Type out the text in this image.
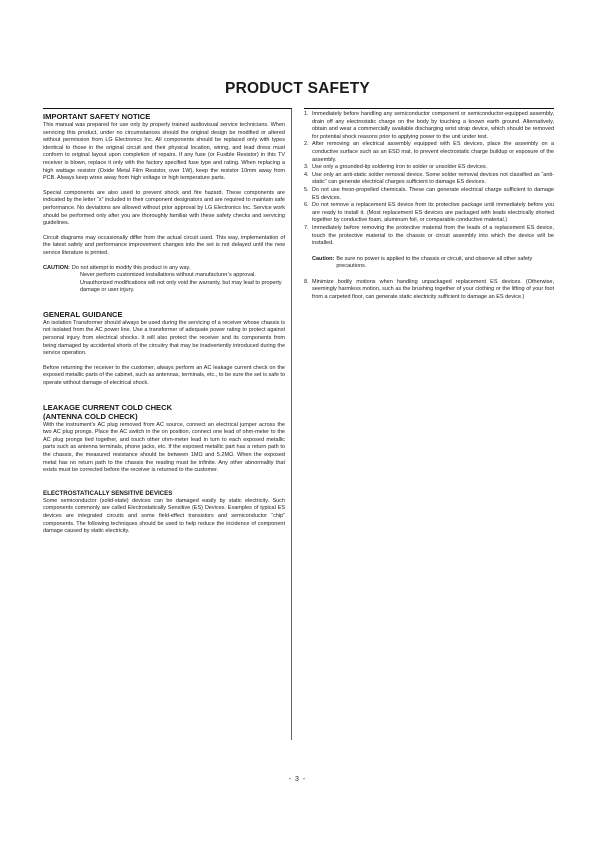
PRODUCT SAFETY
IMPORTANT SAFETY NOTICE

This manual was prepared for use only by properly trained audiovisual service technicians. When servicing this product, under no circumstances should the original design be modified or altered without permission from LG Electronics Inc. All components should be replaced only with types identical to those in the original circuit and their physical location, wiring, and lead dress must conform to original layout upon completion of repairs. If any fuse (or Fusible Resistor) in this TV receiver is blown, replace it only with the factory specified fuse type and rating. When replacing a high wattage resistor (Oxide Metal Film Resistor, over 1W), keep the resistor 10mm away from PCB. Always keep wires away from high voltage or high temperature parts.

Special components are also used to prevent shock and fire hazard. These components are indicated by the letter “x” included in their component designators and are required to maintain safe performance. No deviations are allowed without prior approval by LG Electronics Inc. Service work should be performed only after you are thoroughly familiar with these safety checks and servicing guidelines.

Circuit diagrams may occasionally differ from the actual circuit used. This way, implementation of the latest safety and performance improvement changes into the set is not delayed until the new service literature is printed.

CAUTION: Do not attempt to modify this product in any way.

Never perform customized installations without manufacturer’s approval.

Unauthorized modifications will not only void the warranty, but may lead to property damage or user injury.

GENERAL GUIDANCE

An isolation Transformer should always be used during the servicing of a receiver whose chassis is not isolated from the AC power line. Use a transformer of adequate power rating to protect against personal injury from electrical shocks. It will also protect the receiver and its components from being damaged by accidental shorts of the circuitry that may be inadvertently introduced during the service operation.

Before returning the receiver to the customer, always perform an AC leakage current check on the exposed metallic parts of the cabinet, such as antennas, terminals, etc., to be sure the set is safe to operate without damage of electrical shock.

LEAKAGE CURRENT COLD CHECK
(ANTENNA COLD CHECK)

With the instrument’s AC plug removed from AC source, connect an electrical jumper across the two AC plug prongs. Place the AC switch in the on position, connect one lead of ohm-meter to the AC plug prongs tied together, and touch other ohm-meter lead in turn to each exposed metallic parts such as antenna terminals, phone jacks, etc. If the exposed metallic part has a return path to the chassis, the measured resistance should be between 1MΩ and 5.2MΩ. When the exposed metal has no return path to the chassis the reading must be infinite. Any other abnormality that exists must be corrected before the receiver is returned to the customer.

ELECTROSTATICALLY SENSITIVE DEVICES

Some semiconductor (solid-state) devices can be damaged easily by static electricity. Such components commonly are called Electrostatically Sensitive (ES) Devices. Examples of typical ES devices are integrated circuits and some field-effect transistors and semiconductor “chip” components. The following techniques should be used to help reduce the incidence of component damage caused by static electricity.

1. Immediately before handling any semiconductor component or semiconductor-equipped assembly, drain off any electrostatic charge on the body by touching a known earth ground. Alternatively, obtain and wear a commercially available discharging wrist strap device, which should be removed for potential shock reasons prior to applying power to the unit under test.
2. After removing an electrical assembly equipped with ES devices, place the assembly on a conductive surface such as an ESD mat, to prevent electrostatic charge buildup or exposure of the assembly.
3. Use only a grounded-tip soldering iron to solder or unsolder ES devices.
4. Use only an anti-static solder removal device. Some solder removal devices not classified as “anti-static” can generate electrical charges sufficient to damage ES devices.
5. Do not use freon-propelled chemicals. These can generate electrical charge sufficient to damage ES devices.
6. Do not remove a replacement ES device from its protective package until immediately before you are ready to install it. (Most replacement ES devices are packaged with leads electrically shorted together by conductive foam, aluminum foil, or comparable conductive material.)
7. Immediately before removing the protective material from the leads of a replacement ES device, touch the protective material to the chassis or circuit assembly into which the device will be installed.
Caution: Be sure no power is applied to the chassis or circuit, and observe all other safety precautions.
8. Minimize bodily motions when handling unpackaged replacement ES devices. (Otherwise, seemingly harmless motion, such as the brushing together of your clothing or the lifting of your foot from a carpeted floor, can generate static electricity sufficient to damage an ES device.)
- 3 -
